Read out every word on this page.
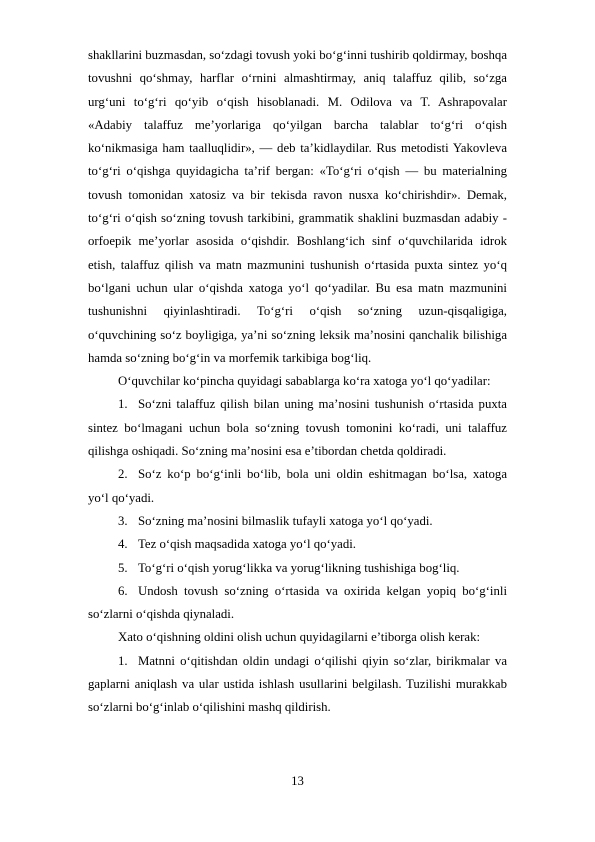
shakllarini buzmasdan, so‘zdagi tovush yoki bo‘g‘inni tushirib qoldirmay, boshqa tovushni qo‘shmay, harflar o‘rnini almashtirmay, aniq talaffuz qilib, so‘zga urg‘uni to‘g‘ri qo‘yib o‘qish hisoblanadi. M. Odilova va T. Ashrapovalar «Adabiy talaffuz me’yorlariga qo‘yilgan barcha talablar to‘g‘ri o‘qish ko‘nikmasiga ham taalluqlidir», — deb ta’kidlaydilar. Rus metodisti Yakovleva to‘g‘ri o‘qishga quyidagicha ta’rif bergan: «To‘g‘ri o‘qish — bu materialning tovush tomonidan xatosiz va bir tekisda ravon nusxa ko‘chirishdir». Demak, to‘g‘ri o‘qish so‘zning tovush tarkibini, grammatik shaklini buzmasdan adabiy - orfoepik me’yorlar asosida o‘qishdir. Boshlang‘ich sinf o‘quvchilarida idrok etish, talaffuz qilish va matn mazmunini tushunish o‘rtasida puxta sintez yo‘q bo‘lgani uchun ular o‘qishda xatoga yo‘l qo‘yadilar. Bu esa matn mazmunini tushunishni qiyinlashtiradi. To‘g‘ri o‘qish so‘zning uzun-qisqaligiga, o‘quvchining so‘z boyligiga, ya’ni so‘zning leksik ma’nosini qanchalik bilishiga hamda so‘zning bo‘g‘in va morfemik tarkibiga bog‘liq.

O‘quvchilar ko‘pincha quyidagi sabablarga ko‘ra xatoga yo‘l qo‘yadilar:

1. So‘zni talaffuz qilish bilan uning ma’nosini tushunish o‘rtasida puxta sintez bo‘lmagani uchun bola so‘zning tovush tomonini ko‘radi, uni talaffuz qilishga oshiqadi. So‘zning ma’nosini esa e’tibordan chetda qoldiradi.

2. So‘z ko‘p bo‘g‘inli bo‘lib, bola uni oldin eshitmagan bo‘lsa, xatoga yo‘l qo‘yadi.

3. So‘zning ma’nosini bilmaslik tufayli xatoga yo‘l qo‘yadi.

4. Tez o‘qish maqsadida xatoga yo‘l qo‘yadi.

5. To‘g‘ri o‘qish yorug‘likka va yorug‘likning tushishiga bog‘liq.

6. Undosh tovush so‘zning o‘rtasida va oxirida kelgan yopiq bo‘g‘inli so‘zlarni o‘qishda qiynaladi.

Xato o‘qishning oldini olish uchun quyidagilarni e’tiborga olish kerak:

1. Matnni o‘qitishdan oldin undagi o‘qilishi qiyin so‘zlar, birikmalar va gaplarni aniqlash va ular ustida ishlash usullarini belgilash. Tuzilishi murakkab so‘zlarni bo‘g‘inlab o‘qilishini mashq qildirish.

13
